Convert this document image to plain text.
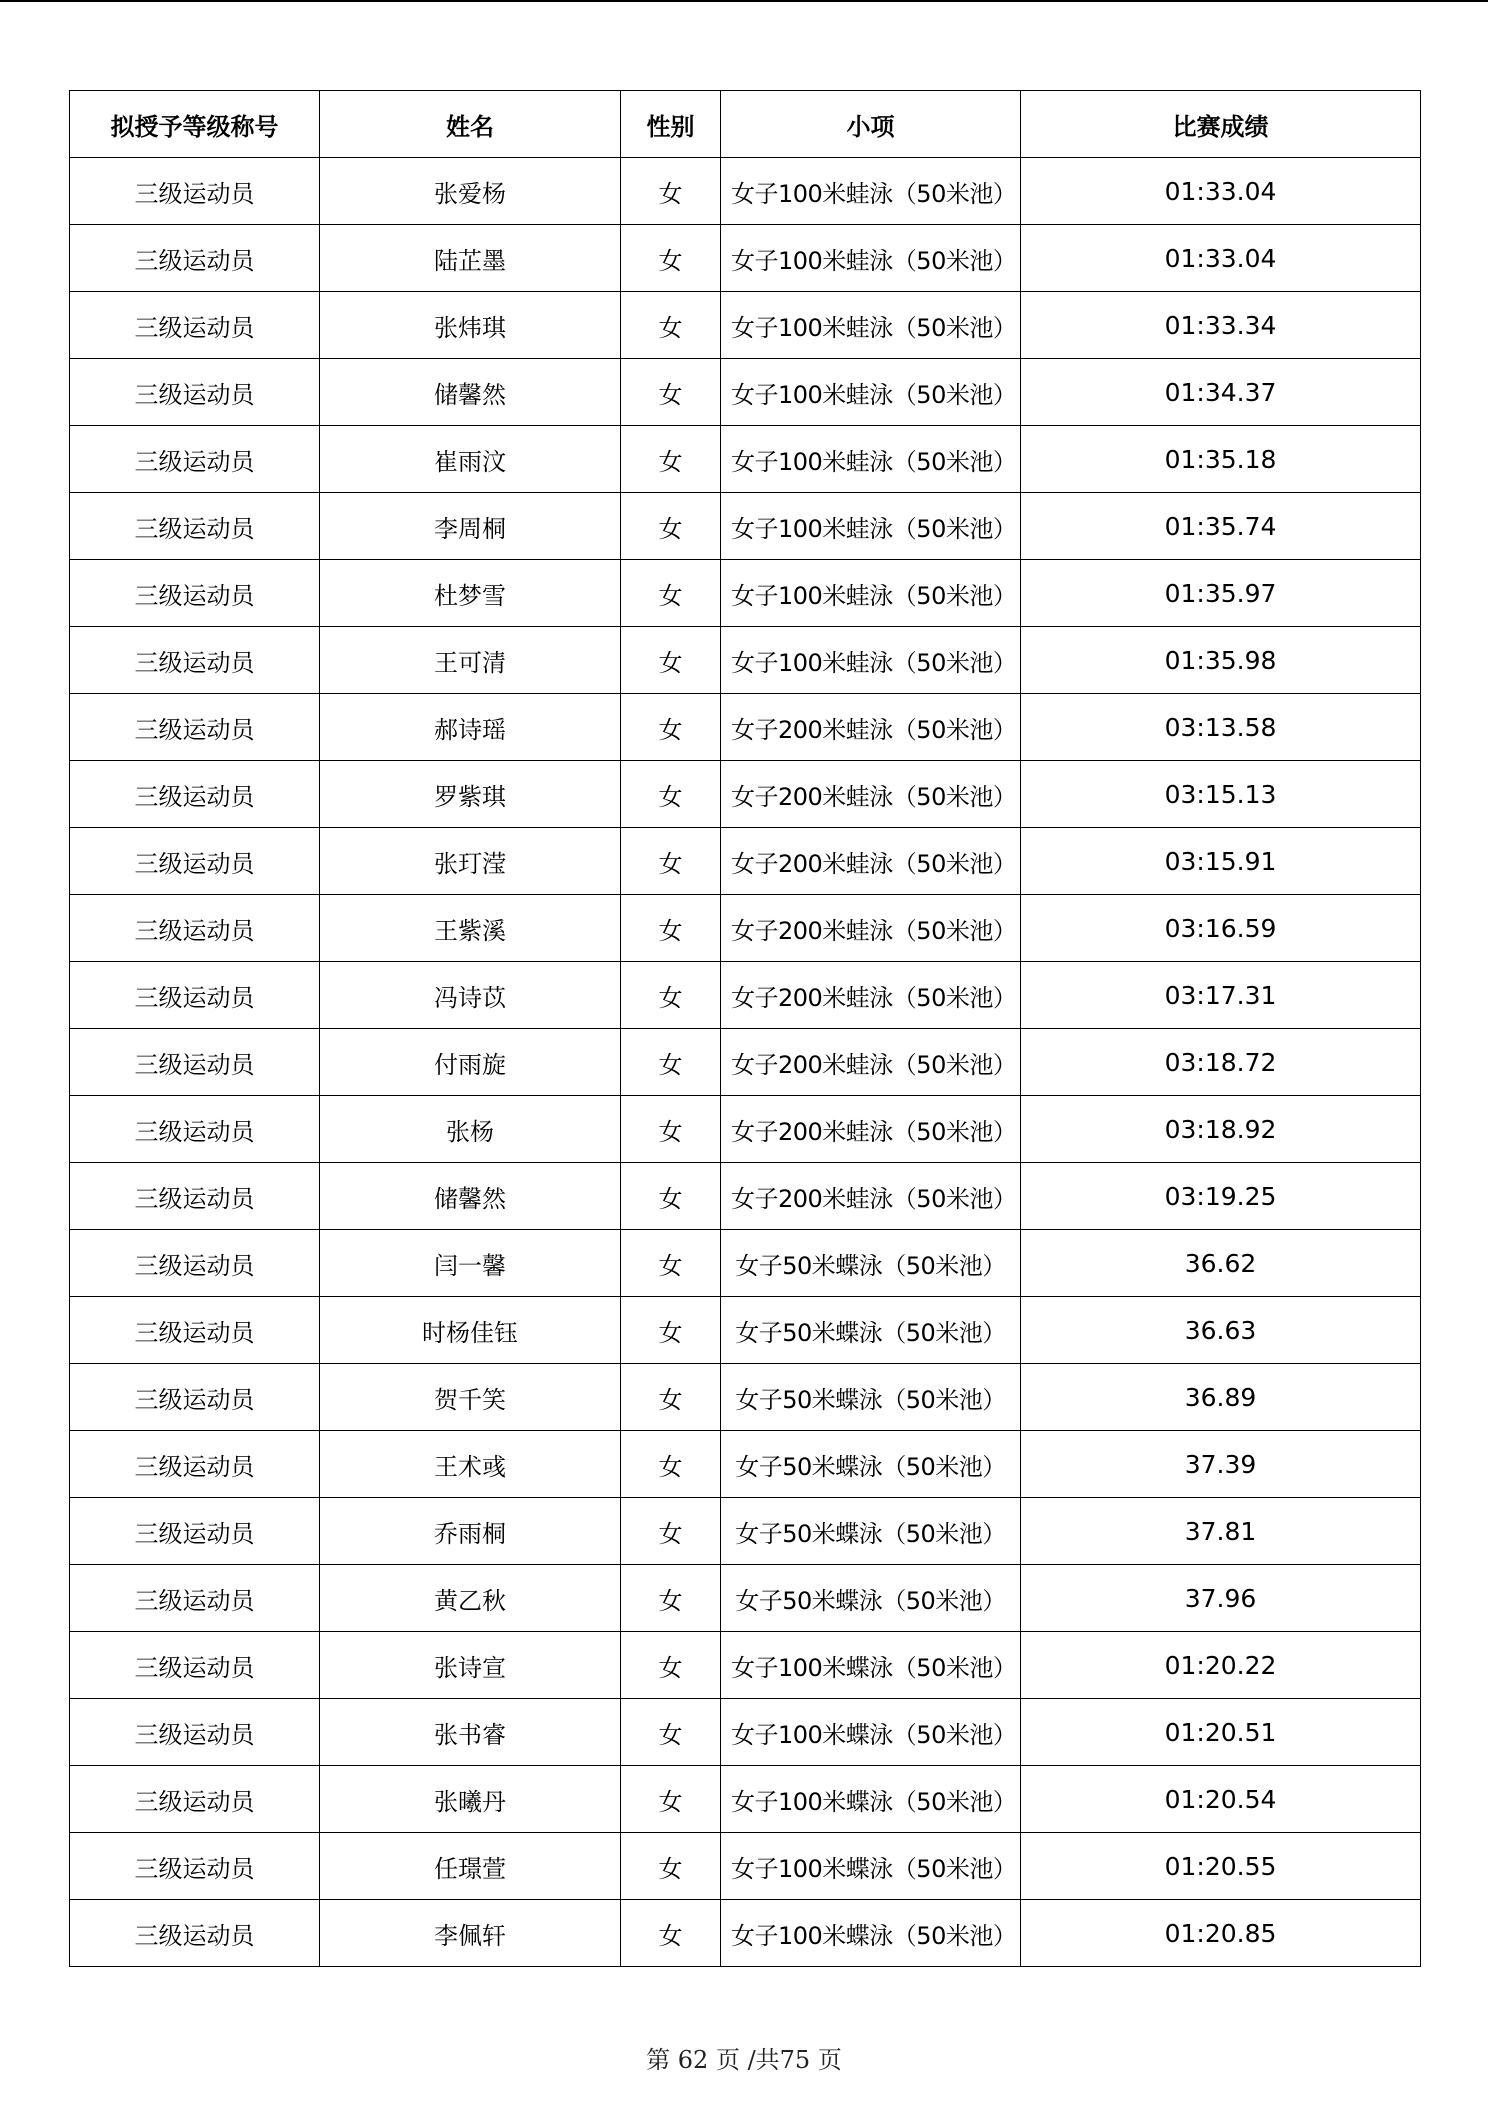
拟授予等级称号	姓名	性别	小项	比赛成绩
三级运动员	张爱杨	女	女子100米蛙泳（50米池）	01:33.04
三级运动员	陆芷墨	女	女子100米蛙泳（50米池）	01:33.04
三级运动员	张炜琪	女	女子100米蛙泳（50米池）	01:33.34
三级运动员	储馨然	女	女子100米蛙泳（50米池）	01:34.37
三级运动员	崔雨汶	女	女子100米蛙泳（50米池）	01:35.18
三级运动员	李周桐	女	女子100米蛙泳（50米池）	01:35.74
三级运动员	杜梦雪	女	女子100米蛙泳（50米池）	01:35.97
三级运动员	王可清	女	女子100米蛙泳（50米池）	01:35.98
三级运动员	郝诗瑶	女	女子200米蛙泳（50米池）	03:13.58
三级运动员	罗紫琪	女	女子200米蛙泳（50米池）	03:15.13
三级运动员	张玎滢	女	女子200米蛙泳（50米池）	03:15.91
三级运动员	王紫溪	女	女子200米蛙泳（50米池）	03:16.59
三级运动员	冯诗苡	女	女子200米蛙泳（50米池）	03:17.31
三级运动员	付雨旋	女	女子200米蛙泳（50米池）	03:18.72
三级运动员	张杨	女	女子200米蛙泳（50米池）	03:18.92
三级运动员	储馨然	女	女子200米蛙泳（50米池）	03:19.25
三级运动员	闫一馨	女	女子50米蝶泳（50米池）	36.62
三级运动员	时杨佳钰	女	女子50米蝶泳（50米池）	36.63
三级运动员	贺千笑	女	女子50米蝶泳（50米池）	36.89
三级运动员	王术彧	女	女子50米蝶泳（50米池）	37.39
三级运动员	乔雨桐	女	女子50米蝶泳（50米池）	37.81
三级运动员	黄乙秋	女	女子50米蝶泳（50米池）	37.96
三级运动员	张诗宣	女	女子100米蝶泳（50米池）	01:20.22
三级运动员	张书睿	女	女子100米蝶泳（50米池）	01:20.51
三级运动员	张曦丹	女	女子100米蝶泳（50米池）	01:20.54
三级运动员	任璟萱	女	女子100米蝶泳（50米池）	01:20.55
三级运动员	李佩轩	女	女子100米蝶泳（50米池）	01:20.85
第 62 页 /共75 页
